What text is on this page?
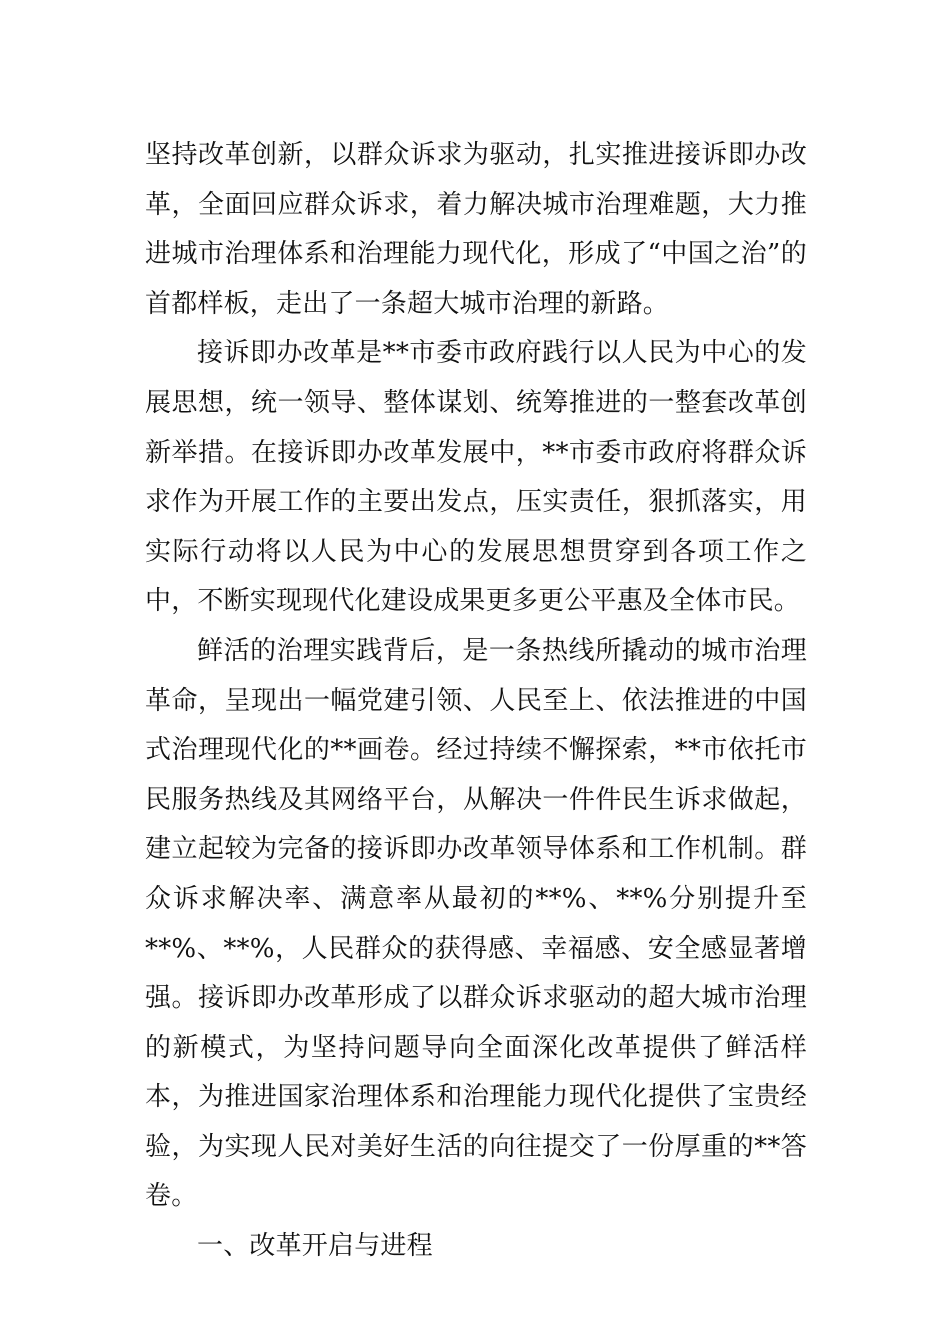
坚持改革创新，以群众诉求为驱动，扎实推进接诉即办改革，全面回应群众诉求，着力解决城市治理难题，大力推进城市治理体系和治理能力现代化，形成了“中国之治”的首都样板，走出了一条超大城市治理的新路。

接诉即办改革是**市委市政府践行以人民为中心的发展思想，统一领导、整体谋划、统筹推进的一整套改革创新举措。在接诉即办改革发展中，**市委市政府将群众诉求作为开展工作的主要出发点，压实责任，狠抓落实，用实际行动将以人民为中心的发展思想贯穿到各项工作之中，不断实现现代化建设成果更多更公平惠及全体市民。

鲜活的治理实践背后，是一条热线所撬动的城市治理革命，呈现出一幅党建引领、人民至上、依法推进的中国式治理现代化的**画卷。经过持续不懈探索，**市依托市民服务热线及其网络平台，从解决一件件民生诉求做起，建立起较为完备的接诉即办改革领导体系和工作机制。群众诉求解决率、满意率从最初的**%、**%分别提升至**%、**%，人民群众的获得感、幸福感、安全感显著增强。接诉即办改革形成了以群众诉求驱动的超大城市治理的新模式，为坚持问题导向全面深化改革提供了鲜活样本，为推进国家治理体系和治理能力现代化提供了宝贵经验，为实现人民对美好生活的向往提交了一份厚重的**答卷。

一、改革开启与进程
